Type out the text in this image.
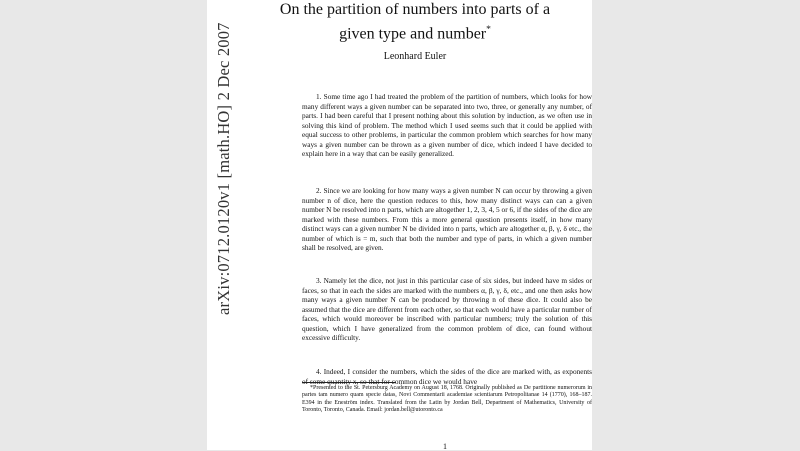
arXiv:0712.0120v1 [math.HO] 2 Dec 2007
On the partition of numbers into parts of a given type and number*
Leonhard Euler

1. Some time ago I had treated the problem of the partition of numbers, which looks for how many different ways a given number can be separated into two, three, or generally any number, of parts. I had been careful that I present nothing about this solution by induction, as we often use in solving this kind of problem. The method which I used seems such that it could be applied with equal success to other problems, in particular the common problem which searches for how many ways a given number can be thrown as a given number of dice, which indeed I have decided to explain here in a way that can be easily generalized.

2. Since we are looking for how many ways a given number N can occur by throwing a given number n of dice, here the question reduces to this, how many distinct ways can can a given number N be resolved into n parts, which are altogether 1, 2, 3, 4, 5 or 6, if the sides of the dice are marked with these numbers. From this a more general question presents itself, in how many distinct ways can a given number N be divided into n parts, which are altogether α, β, γ, δ etc., the number of which is = m, such that both the number and type of parts, in which a given number shall be resolved, are given.

3. Namely let the dice, not just in this particular case of six sides, but indeed have m sides or faces, so that in each the sides are marked with the numbers α, β, γ, δ, etc., and one then asks how many ways a given number N can be produced by throwing n of these dice. It could also be assumed that the dice are different from each other, so that each would have a particular number of faces, which would moreover be inscribed with particular numbers; truly the solution of this question, which I have generalized from the common problem of dice, can found without excessive difficulty.

4. Indeed, I consider the numbers, which the sides of the dice are marked with, as exponents of some quantity x, so that for common dice we would have

*Presented to the St. Petersburg Academy on August 18, 1768. Originally published as De partitione numerorum in partes tam numero quam specie datas, Novi Commentarii academiae scientiarum Petropolitanae 14 (1770), 168–187. E394 in the Eneström index. Translated from the Latin by Jordan Bell, Department of Mathematics, University of Toronto, Toronto, Canada. Email: jordan.bell@utoronto.ca

1
